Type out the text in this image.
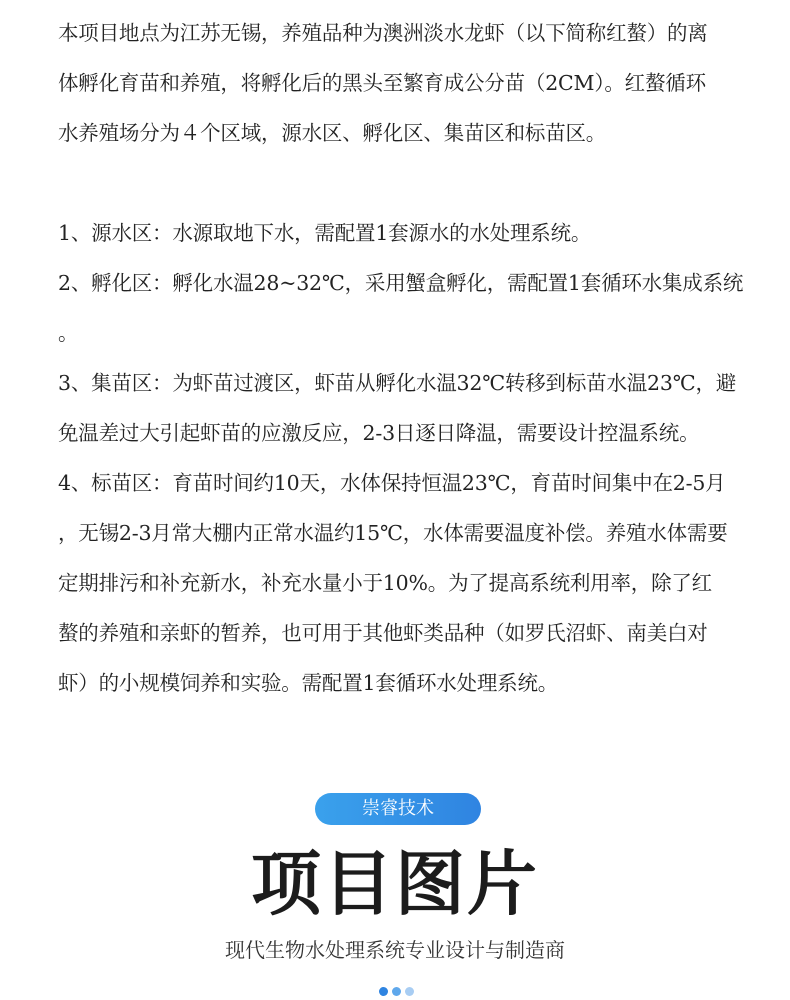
本项目地点为江苏无锡，养殖品种为澳洲淡水龙虾（以下简称红螯）的离
体孵化育苗和养殖，将孵化后的黑头至繁育成公分苗（2CM）。红螯循环
水养殖场分为４个区域，源水区、孵化区、集苗区和标苗区。
1、源水区：水源取地下水，需配置1套源水的水处理系统。
2、孵化区：孵化水温28~32℃，采用蟹盒孵化，需配置1套循环水集成系统
。
3、集苗区：为虾苗过渡区，虾苗从孵化水温32℃转移到标苗水温23℃，避
免温差过大引起虾苗的应激反应，2-3日逐日降温，需要设计控温系统。
4、标苗区：育苗时间约10天，水体保持恒温23℃，育苗时间集中在2-5月
，无锡2-3月常大棚内正常水温约15℃，水体需要温度补偿。养殖水体需要
定期排污和补充新水，补充水量小于10%。为了提高系统利用率，除了红
螯的养殖和亲虾的暂养，也可用于其他虾类品种（如罗氏沼虾、南美白对
虾）的小规模饲养和实验。需配置1套循环水处理系统。
崇睿技术
项目图片
现代生物水处理系统专业设计与制造商
